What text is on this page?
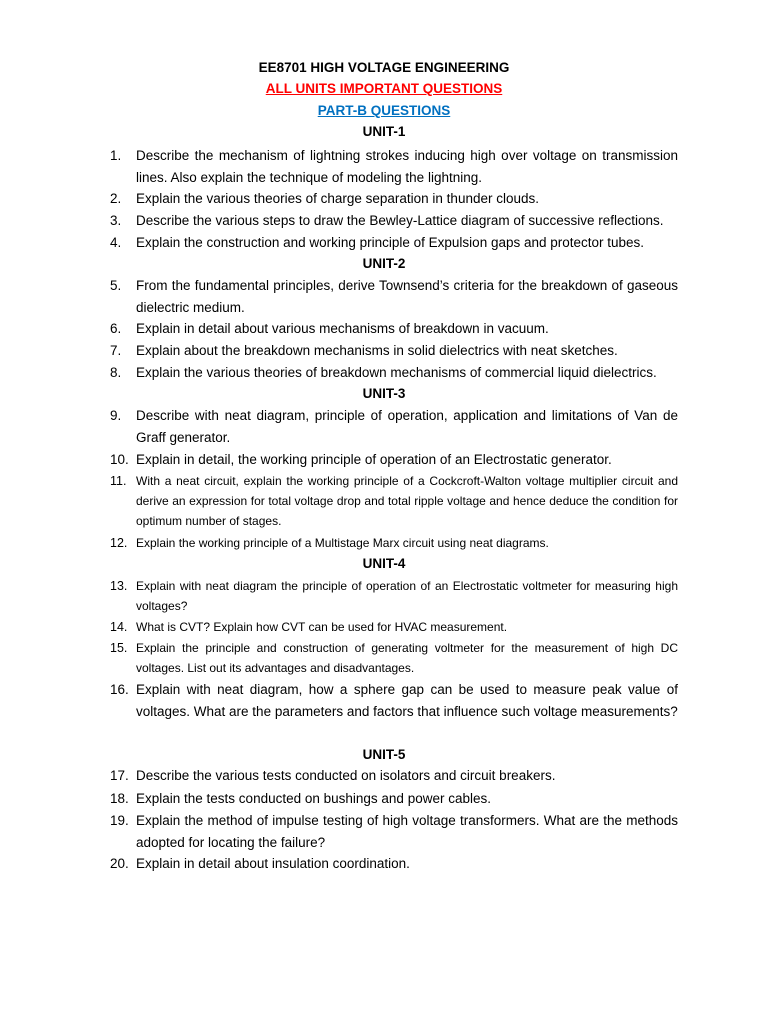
EE8701 HIGH VOLTAGE ENGINEERING
ALL UNITS IMPORTANT QUESTIONS
PART-B QUESTIONS
UNIT-1
1. Describe the mechanism of lightning strokes inducing high over voltage on transmission lines. Also explain the technique of modeling the lightning.
2. Explain the various theories of charge separation in thunder clouds.
3. Describe the various steps to draw the Bewley-Lattice diagram of successive reflections.
4. Explain the construction and working principle of Expulsion gaps and protector tubes.
UNIT-2
5. From the fundamental principles, derive Townsend’s criteria for the breakdown of gaseous dielectric medium.
6. Explain in detail about various mechanisms of breakdown in vacuum.
7. Explain about the breakdown mechanisms in solid dielectrics with neat sketches.
8. Explain the various theories of breakdown mechanisms of commercial liquid dielectrics.
UNIT-3
9. Describe with neat diagram, principle of operation, application and limitations of Van de Graff generator.
10. Explain in detail, the working principle of operation of an Electrostatic generator.
11. With a neat circuit, explain the working principle of a Cockcroft-Walton voltage multiplier circuit and derive an expression for total voltage drop and total ripple voltage and hence deduce the condition for optimum number of stages.
12. Explain the working principle of a Multistage Marx circuit using neat diagrams.
UNIT-4
13. Explain with neat diagram the principle of operation of an Electrostatic voltmeter for measuring high voltages?
14. What is CVT? Explain how CVT can be used for HVAC measurement.
15. Explain the principle and construction of generating voltmeter for the measurement of high DC voltages. List out its advantages and disadvantages.
16. Explain with neat diagram, how a sphere gap can be used to measure peak value of voltages. What are the parameters and factors that influence such voltage measurements?
UNIT-5
17. Describe the various tests conducted on isolators and circuit breakers.
18. Explain the tests conducted on bushings and power cables.
19. Explain the method of impulse testing of high voltage transformers. What are the methods adopted for locating the failure?
20. Explain in detail about insulation coordination.
